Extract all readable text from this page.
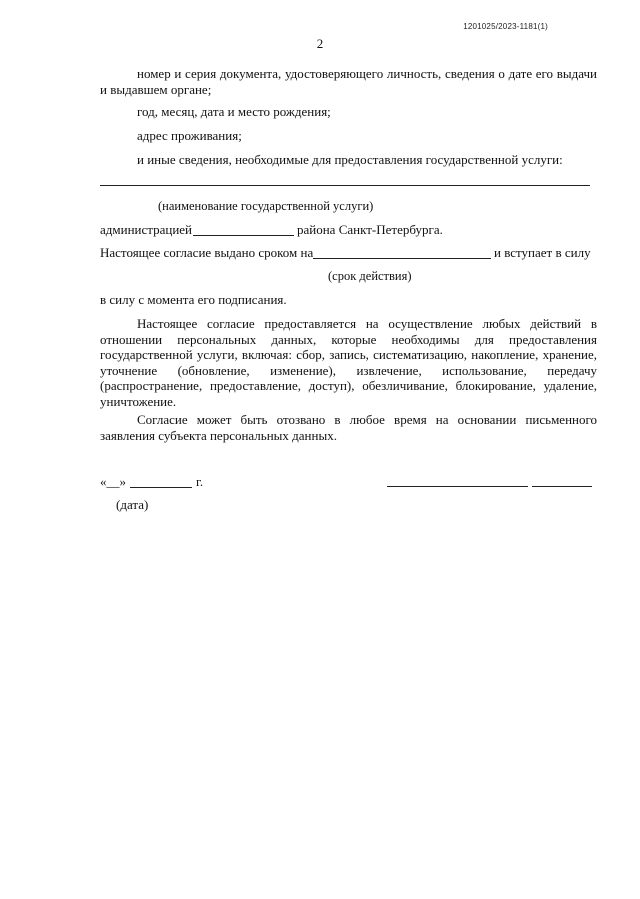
1201025/2023-1181(1)
2
номер и серия документа, удостоверяющего личность, сведения о дате его выдачи и выдавшем органе;
год, месяц, дата и место рождения;
адрес проживания;
и иные сведения, необходимые для предоставления государственной услуги:
(наименование государственной услуги)
администрацией	района Санкт-Петербурга.
Настоящее согласие выдано сроком на	и вступает в силу
(срок действия)
в силу с момента его подписания.
Настоящее согласие предоставляется на осуществление любых действий в отношении персональных данных, которые необходимы для предоставления государственной услуги, включая: сбор, запись, систематизацию, накопление, хранение, уточнение (обновление, изменение), извлечение, использование, передачу (распространение, предоставление, доступ), обезличивание, блокирование, удаление, уничтожение.
Согласие может быть отозвано в любое время на основании письменного заявления субъекта персональных данных.
«__»	г.
(дата)
